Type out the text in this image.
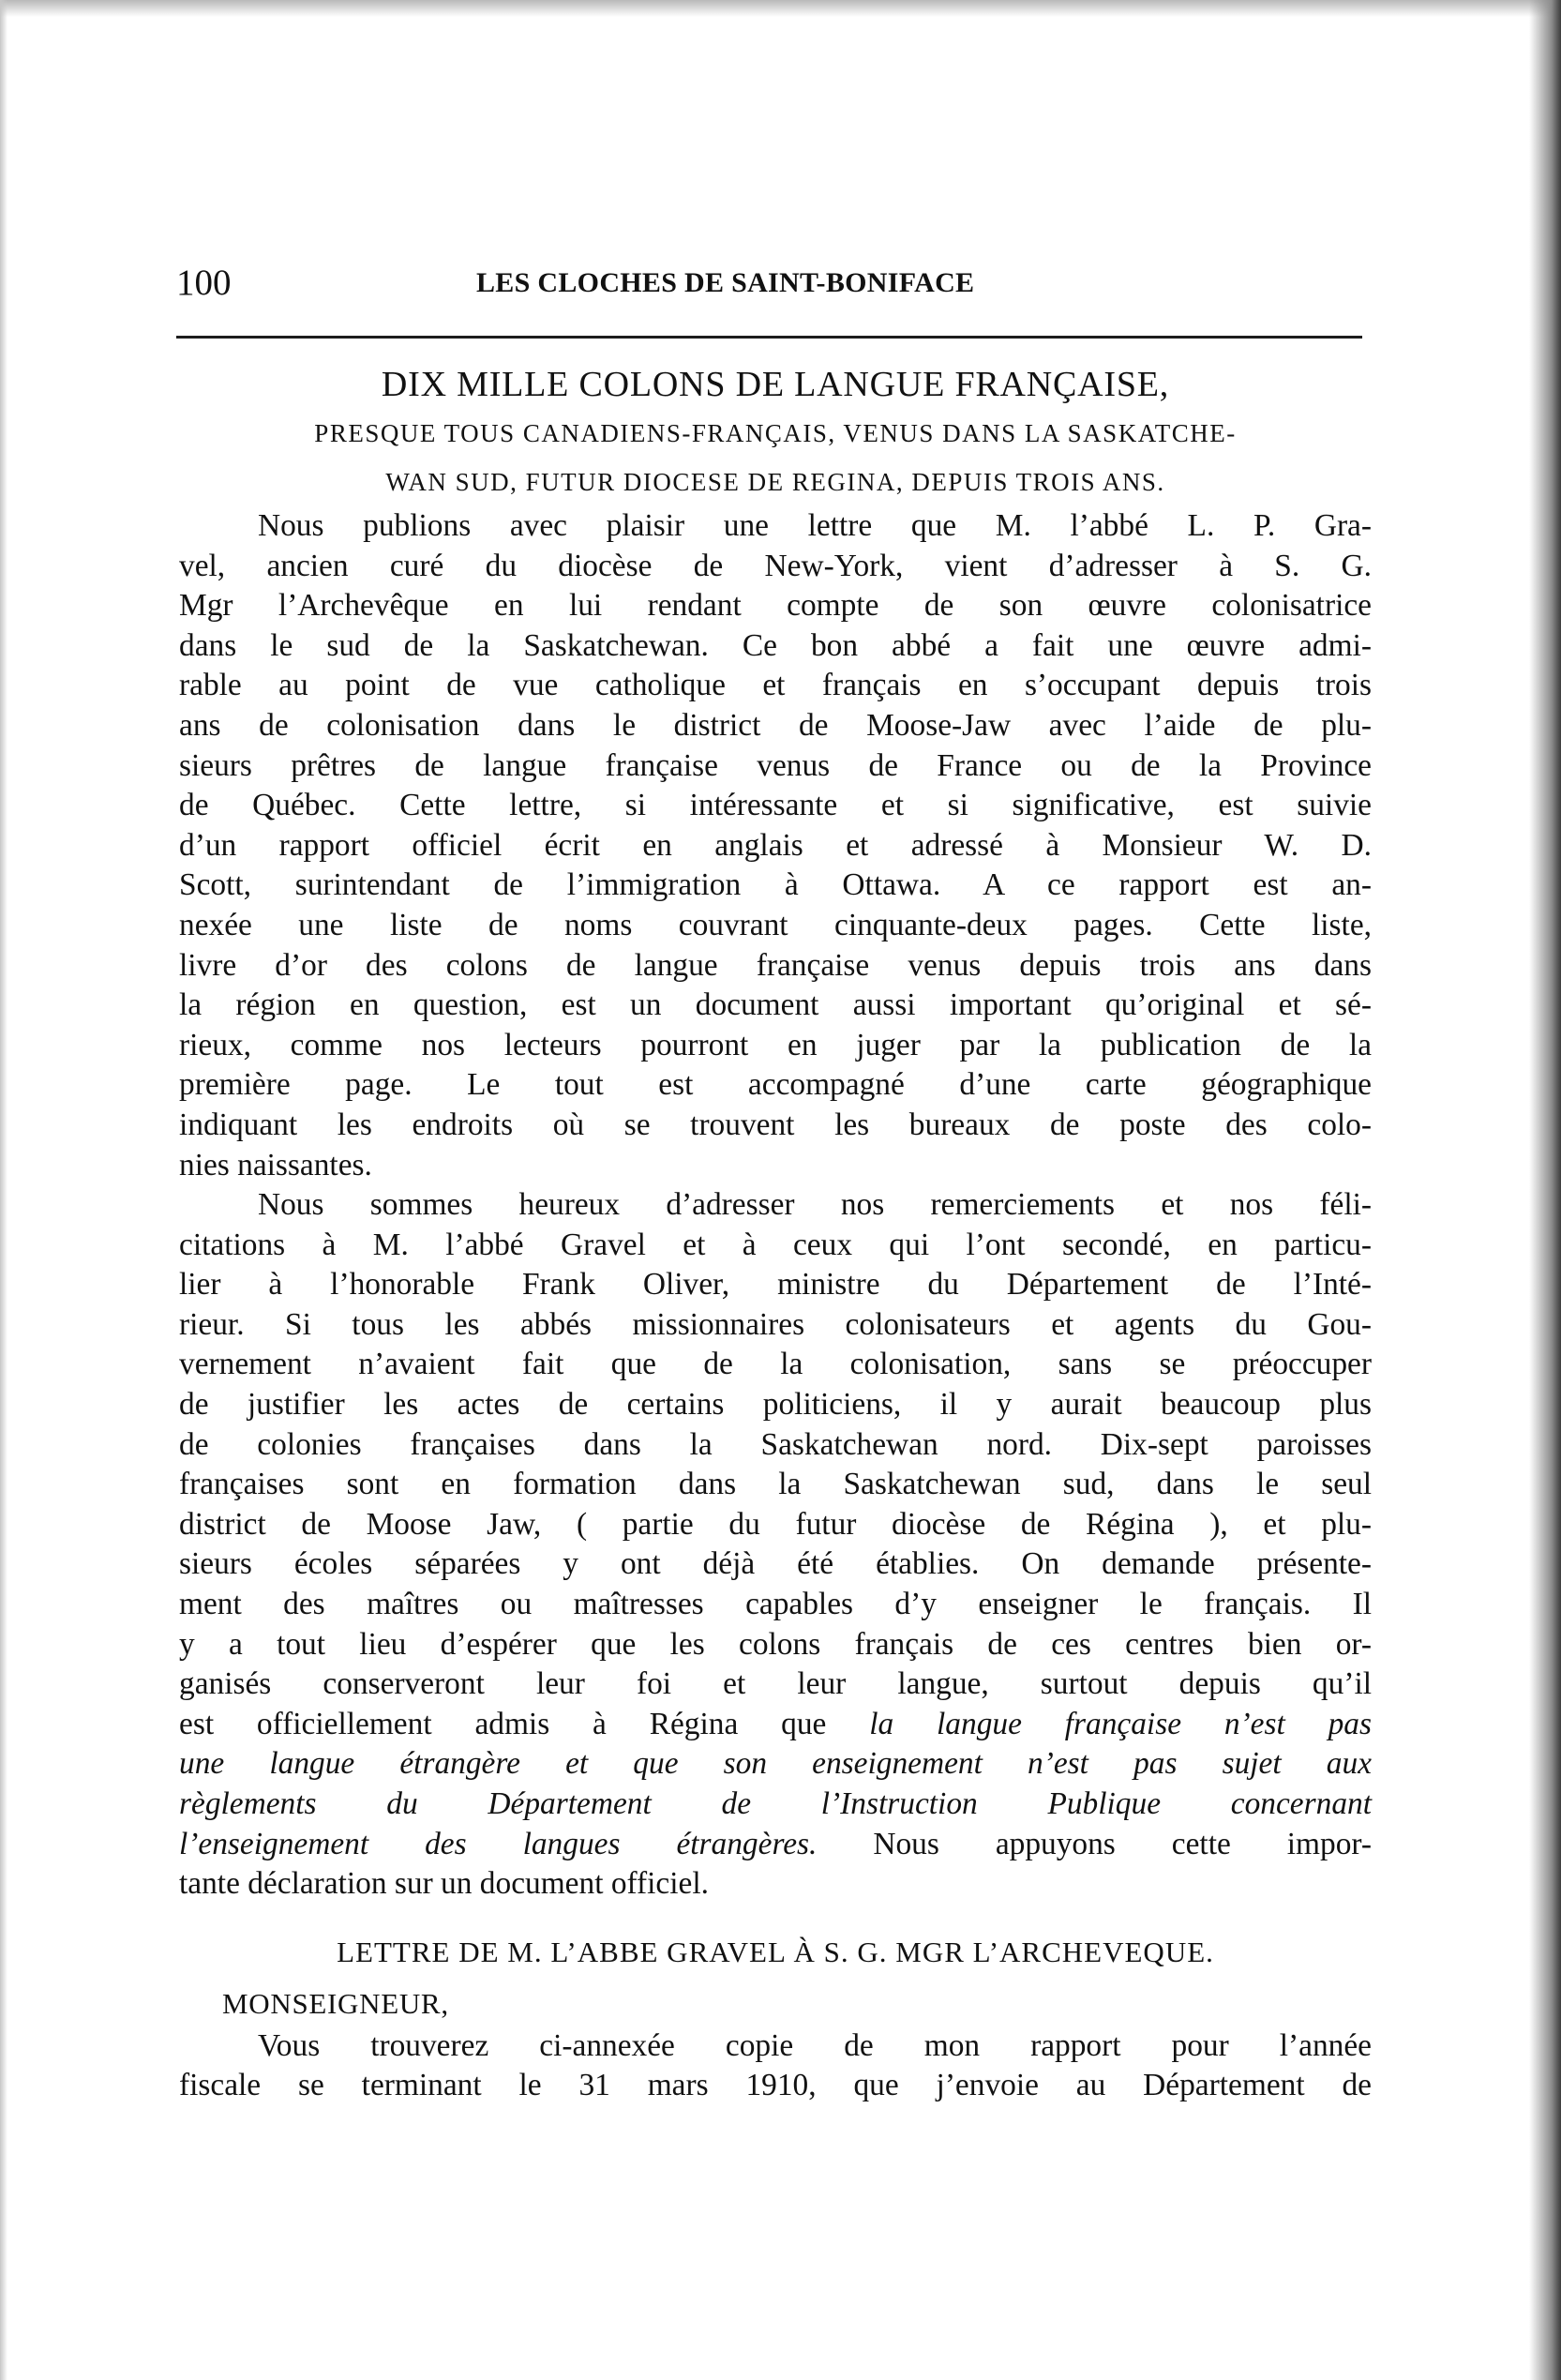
100	LES CLOCHES DE SAINT-BONIFACE
DIX MILLE COLONS DE LANGUE FRANÇAISE,
PRESQUE TOUS CANADIENS-FRANÇAIS, VENUS DANS LA SASKATCHE-
WAN SUD, FUTUR DIOCESE DE REGINA, DEPUIS TROIS ANS.
Nous publions avec plaisir une lettre que M. l’abbé L. P. Gra-
vel, ancien curé du diocèse de New-York, vient d’adresser à S. G.
Mgr l’Archevêque en lui rendant compte de son œuvre colonisatrice
dans le sud de la Saskatchewan. Ce bon abbé a fait une œuvre admi-
rable au point de vue catholique et français en s’occupant depuis trois
ans de colonisation dans le district de Moose-Jaw avec l’aide de plu-
sieurs prêtres de langue française venus de France ou de la Province
de Québec. Cette lettre, si intéressante et si significative, est suivie
d’un rapport officiel écrit en anglais et adressé à Monsieur W. D.
Scott, surintendant de l’immigration à Ottawa. A ce rapport est an-
nexée une liste de noms couvrant cinquante-deux pages. Cette liste,
livre d’or des colons de langue française venus depuis trois ans dans
la région en question, est un document aussi important qu’original et sé-
rieux, comme nos lecteurs pourront en juger par la publication de la
première page. Le tout est accompagné d’une carte géographique
indiquant les endroits où se trouvent les bureaux de poste des colo-
nies naissantes.
Nous sommes heureux d’adresser nos remerciements et nos féli-
citations à M. l’abbé Gravel et à ceux qui l’ont secondé, en particu-
lier à l’honorable Frank Oliver, ministre du Département de l’Inté-
rieur. Si tous les abbés missionnaires colonisateurs et agents du Gou-
vernement n’avaient fait que de la colonisation, sans se préoccuper
de justifier les actes de certains politiciens, il y aurait beaucoup plus
de colonies françaises dans la Saskatchewan nord. Dix-sept paroisses
françaises sont en formation dans la Saskatchewan sud, dans le seul
district de Moose Jaw, ( partie du futur diocèse de Régina ), et plu-
sieurs écoles séparées y ont déjà été établies. On demande présente-
ment des maîtres ou maîtresses capables d’y enseigner le français. Il
y a tout lieu d’espérer que les colons français de ces centres bien or-
ganisés conserveront leur foi et leur langue, surtout depuis qu’il
est officiellement admis à Régina que la langue française n’est pas
une langue étrangère et que son enseignement n’est pas sujet aux
règlements du Département de l’Instruction Publique concernant
l’enseignement des langues étrangères. Nous appuyons cette impor-
tante déclaration sur un document officiel.
LETTRE DE M. L’ABBE GRAVEL À S. G. MGR L’ARCHEVEQUE.
MONSEIGNEUR,
Vous trouverez ci-annexée copie de mon rapport pour l’année
fiscale se terminant le 31 mars 1910, que j’envoie au Département de
